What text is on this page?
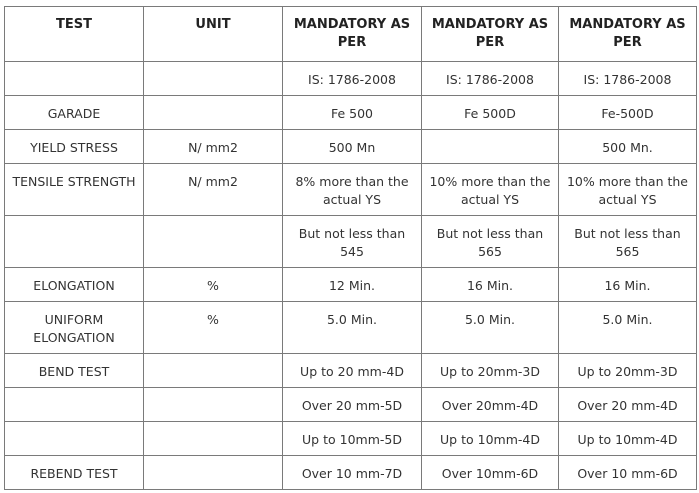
TEST	UNIT	MANDATORY AS PER	MANDATORY AS PER	MANDATORY AS PER
		IS: 1786-2008	IS: 1786-2008	IS: 1786-2008
GARADE		Fe 500	Fe 500D	Fe-500D
YIELD STRESS	N/ mm2	500 Mn		500 Mn.
TENSILE STRENGTH	N/ mm2	8% more than the actual YS	10% more than the actual YS	10% more than the actual YS
		But not less than 545	But not less than 565	But not less than 565
ELONGATION	%	12 Min.	16 Min.	16 Min.
UNIFORM ELONGATION	%	5.0 Min.	5.0 Min.	5.0 Min.
BEND TEST		Up to 20 mm-4D	Up to 20mm-3D	Up to 20mm-3D
		Over 20 mm-5D	Over 20mm-4D	Over 20 mm-4D
		Up to 10mm-5D	Up to 10mm-4D	Up to 10mm-4D
REBEND TEST		Over 10 mm-7D	Over 10mm-6D	Over 10 mm-6D
